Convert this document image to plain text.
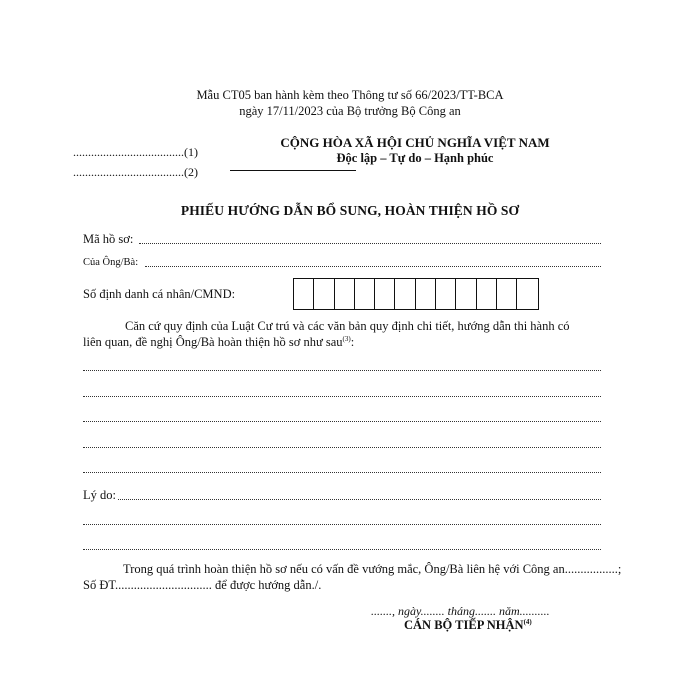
Mẫu CT05 ban hành kèm theo Thông tư số 66/2023/TT-BCA
ngày 17/11/2023 của Bộ trưởng Bộ Công an
.....................................(1)
.....................................(2)
CỘNG HÒA XÃ HỘI CHỦ NGHĨA VIỆT NAM
Độc lập – Tự do – Hạnh phúc
PHIẾU HƯỚNG DẪN BỔ SUNG, HOÀN THIỆN HỒ SƠ
Mã hồ sơ:
Của Ông/Bà:
Số định danh cá nhân/CMND:
Căn cứ quy định của Luật Cư trú và các văn bản quy định chi tiết, hướng dẫn thi hành có
liên quan, đề nghị Ông/Bà hoàn thiện hồ sơ như sau$^{(3)}$:
Lý do:
Trong quá trình hoàn thiện hồ sơ nếu có vấn đề vướng mắc, Ông/Bà liên hệ với Công an.................;
Số ĐT............................... để được hướng dẫn./.
......., ngày........ tháng....... năm..........
CÁN BỘ TIẾP NHẬN$^{(4)}$
